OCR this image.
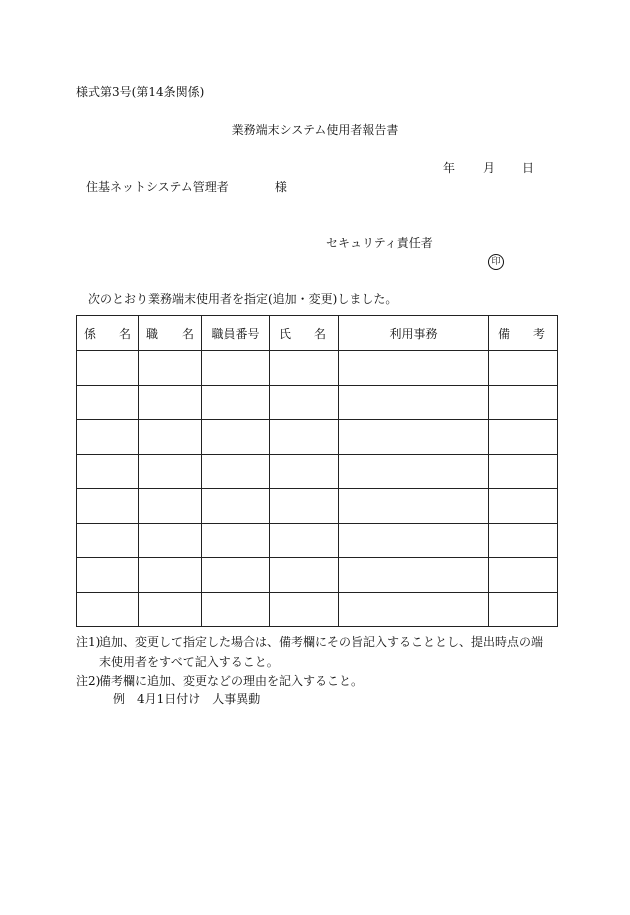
様式第3号(第14条関係)
業務端末システム使用者報告書
年 月 日
住基ネットシステム管理者	様
セキュリティ責任者
印
次のとおり業務端末使用者を指定(追加・変更)しました。
係 名	職 名	職員番号	氏 名	利用事務	備 考

注1)
追加、変更して指定した場合は、備考欄にその旨記入することとし、提出時点の端
末使用者をすべて記入すること。
注2)
備考欄に追加、変更などの理由を記入すること。
例　4月1日付け　人事異動
